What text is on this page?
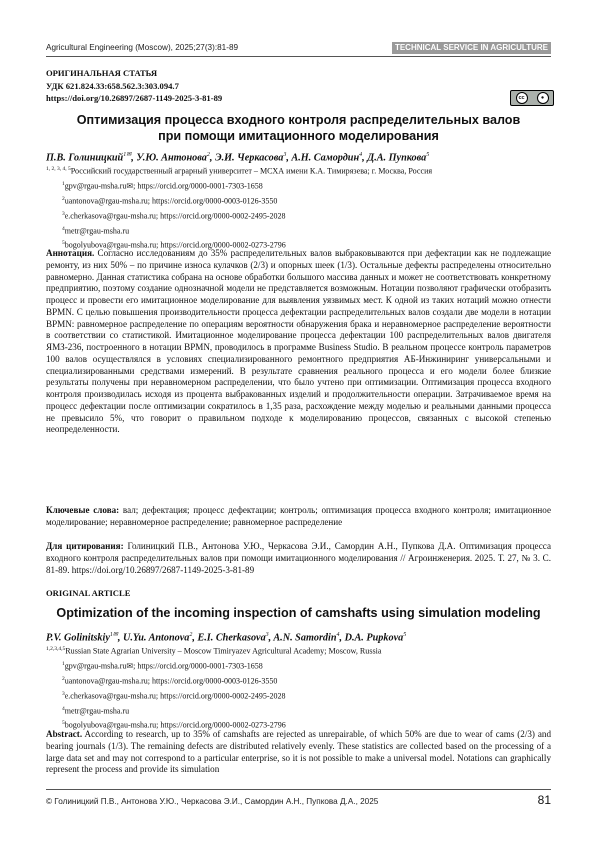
Agricultural Engineering (Moscow), 2025;27(3):81-89	TECHNICAL SERVICE IN AGRICULTURE
ОРИГИНАЛЬНАЯ СТАТЬЯ
УДК 621.824.33:658.562.3:303.094.7
https://doi.org/10.26897/2687-1149-2025-3-81-89	cc	●
Оптимизация процесса входного контроля распределительных валов
при помощи имитационного моделирования
П.В. Голиницкий$^{1✉}$, У.Ю. Антонова$^2$, Э.И. Черкасова$^3$, А.Н. Самордин$^4$, Д.А. Пупкова$^5$
$^{1, 2, 3, 4, 5}$Российский государственный аграрный университет – МСХА имени К.А. Тимирязева; г. Москва, Россия
$^1$gpv@rgau-msha.ru✉; https://orcid.org/0000-0001-7303-1658
$^2$uantonova@rgau-msha.ru; https://orcid.org/0000-0003-0126-3550
$^3$e.cherkasova@rgau-msha.ru; https://orcid.org/0000-0002-2495-2028
$^4$metr@rgau-msha.ru
$^5$bogolyubova@rgau-msha.ru; https://orcid.org/0000-0002-0273-2796
Аннотация. Согласно исследованиям до 35% распределительных валов выбраковываются при дефектации как не подлежащие ремонту, из них 50% – по причине износа кулачков (2/3) и опорных шеек (1/3). Остальные дефекты распределены относительно равномерно. Данная статистика собрана на основе обработки большого массива данных и может не соответствовать конкретному предприятию, поэтому создание однозначной модели не представляется возможным. Нотации позволяют графически отобразить процесс и провести его имитационное моделирование для выявления уязвимых мест. К одной из таких нотаций можно отнести BPMN. С целью повышения производительности процесса дефектации распределительных валов создали две модели в нотации BPMN: равномерное распределение по операциям вероятности обнаружения брака и неравномерное распределение вероятности в соответствии со статистикой. Имитационное моделирование процесса дефектации 100 распределительных валов двигателя ЯМЗ-236, построенного в нотации BPMN, проводилось в программе Business Studio. В реальном процессе контроль параметров 100 валов осуществлялся в условиях специализированного ремонтного предприятия АБ-Инжиниринг универсальными и специализированными средствами измерений. В результате сравнения реального процесса и его модели более близкие результаты получены при неравномерном распределении, что было учтено при оптимизации. Оптимизация процесса входного контроля производилась исходя из процента выбракованных изделий и продолжительности операции. Затрачиваемое время на процесс дефектации после оптимизации сократилось в 1,35 раза, расхождение между моделью и реальными данными процесса не превысило 5%, что говорит о правильном подходе к моделированию процессов, связанных с высокой степенью неопределенности.
Ключевые слова: вал; дефектация; процесс дефектации; контроль; оптимизация процесса входного контроля; имитационное моделирование; неравномерное распределение; равномерное распределение
Для цитирования: Голиницкий П.В., Антонова У.Ю., Черкасова Э.И., Самордин А.Н., Пупкова Д.А. Оптимизация процесса входного контроля распределительных валов при помощи имитационного моделирования // Агроинженерия. 2025. Т. 27, № 3. С. 81-89. https://doi.org/10.26897/2687-1149-2025-3-81-89
ORIGINAL ARTICLE
Optimization of the incoming inspection of camshafts using simulation modeling
P.V. Golinitskiy$^{1✉}$, U.Yu. Antonova$^2$, E.I. Cherkasova$^3$, A.N. Samordin$^4$, D.A. Pupkova$^5$
$^{1,2,3,4,5}$Russian State Agrarian University – Moscow Timiryazev Agricultural Academy; Moscow, Russia
$^1$gpv@rgau-msha.ru✉; https://orcid.org/0000-0001-7303-1658
$^2$uantonova@rgau-msha.ru; https://orcid.org/0000-0003-0126-3550
$^3$e.cherkasova@rgau-msha.ru; https://orcid.org/0000-0002-2495-2028
$^4$metr@rgau-msha.ru
$^5$bogolyubova@rgau-msha.ru; https://orcid.org/0000-0002-0273-2796
Abstract. According to research, up to 35% of camshafts are rejected as unrepairable, of which 50% are due to wear of cams (2/3) and bearing journals (1/3). The remaining defects are distributed relatively evenly. These statistics are collected based on the processing of a large data set and may not correspond to a particular enterprise, so it is not possible to make a universal model. Notations can graphically represent the process and provide its simulation
© Голиницкий П.В., Антонова У.Ю., Черкасова Э.И., Самордин А.Н., Пупкова Д.А., 2025	81
